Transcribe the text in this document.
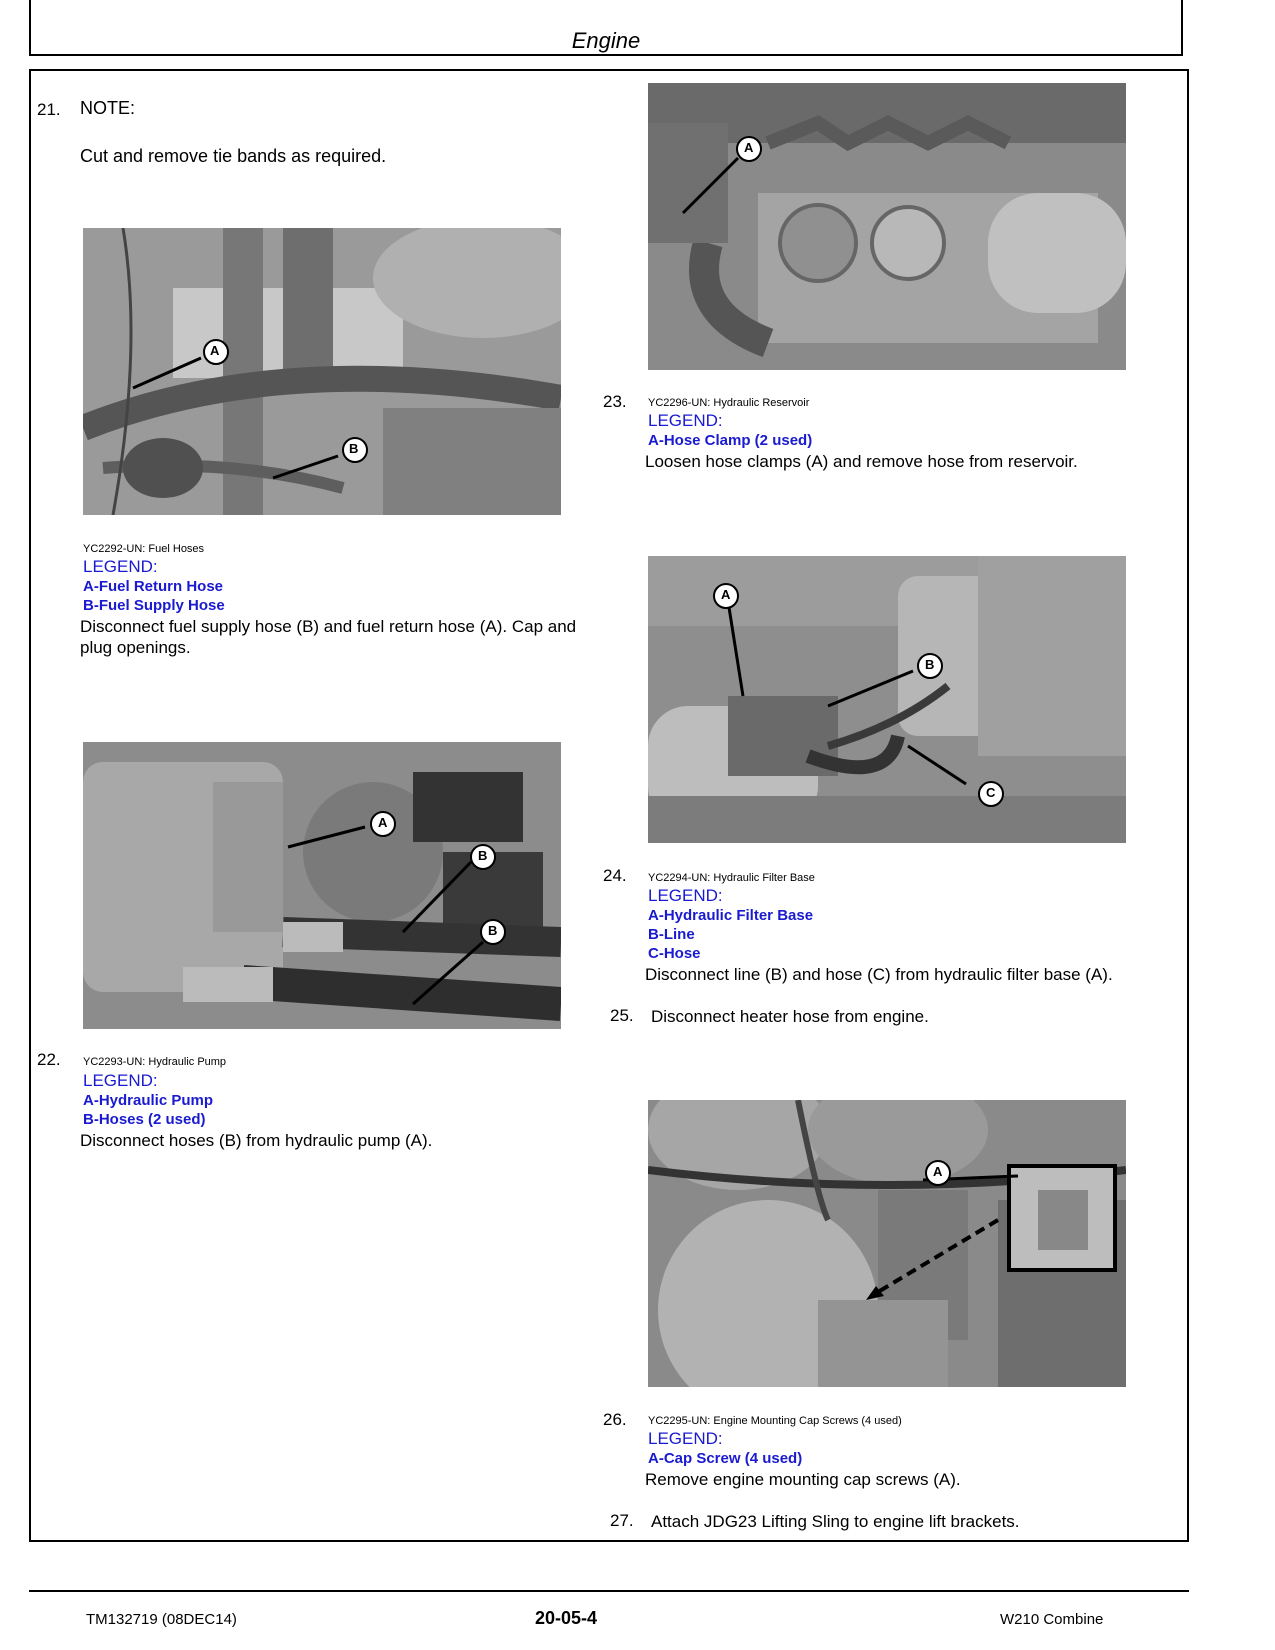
Engine
21. NOTE:
Cut and remove tie bands as required.
A
B
YC2292-UN: Fuel Hoses
LEGEND:
A-Fuel Return Hose
B-Fuel Supply Hose
Disconnect fuel supply hose (B) and fuel return hose (A). Cap and plug openings.
A
B
B
22. YC2293-UN: Hydraulic Pump
LEGEND:
A-Hydraulic Pump
B-Hoses (2 used)
Disconnect hoses (B) from hydraulic pump (A).
A
23. YC2296-UN: Hydraulic Reservoir
LEGEND:
A-Hose Clamp (2 used)
Loosen hose clamps (A) and remove hose from reservoir.
A
B
C
24. YC2294-UN: Hydraulic Filter Base
LEGEND:
A-Hydraulic Filter Base
B-Line
C-Hose
Disconnect line (B) and hose (C) from hydraulic filter base (A).
25. Disconnect heater hose from engine.
A
26. YC2295-UN: Engine Mounting Cap Screws (4 used)
LEGEND:
A-Cap Screw (4 used)
Remove engine mounting cap screws (A).
27. Attach JDG23 Lifting Sling to engine lift brackets.
TM132719 (08DEC14)	20-05-4	W210 Combine
